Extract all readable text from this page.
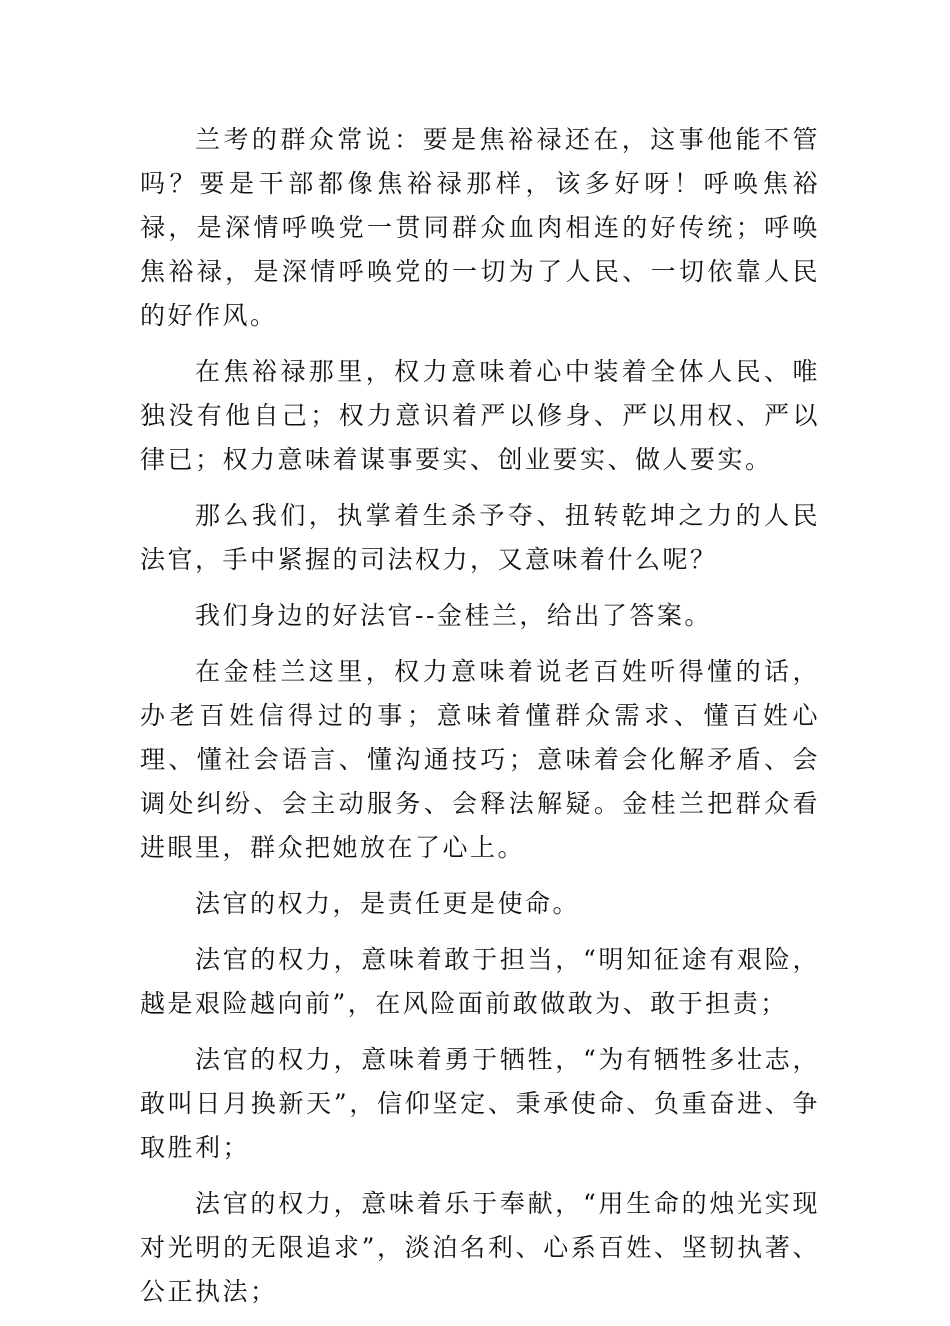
兰考的群众常说：要是焦裕禄还在，这事他能不管吗？要是干部都像焦裕禄那样，该多好呀！呼唤焦裕禄，是深情呼唤党一贯同群众血肉相连的好传统；呼唤焦裕禄，是深情呼唤党的一切为了人民、一切依靠人民的好作风。

在焦裕禄那里，权力意味着心中装着全体人民、唯独没有他自己；权力意识着严以修身、严以用权、严以律已；权力意味着谋事要实、创业要实、做人要实。

那么我们，执掌着生杀予夺、扭转乾坤之力的人民法官，手中紧握的司法权力，又意味着什么呢？

我们身边的好法官--金桂兰，给出了答案。

在金桂兰这里，权力意味着说老百姓听得懂的话，办老百姓信得过的事；意味着懂群众需求、懂百姓心理、懂社会语言、懂沟通技巧；意味着会化解矛盾、会调处纠纷、会主动服务、会释法解疑。金桂兰把群众看进眼里，群众把她放在了心上。

法官的权力，是责任更是使命。

法官的权力，意味着敢于担当，“明知征途有艰险，越是艰险越向前”，在风险面前敢做敢为、敢于担责；

法官的权力，意味着勇于牺牲，“为有牺牲多壮志，敢叫日月换新天”，信仰坚定、秉承使命、负重奋进、争取胜利；

法官的权力，意味着乐于奉献，“用生命的烛光实现对光明的无限追求”，淡泊名利、心系百姓、坚韧执著、公正执法；
